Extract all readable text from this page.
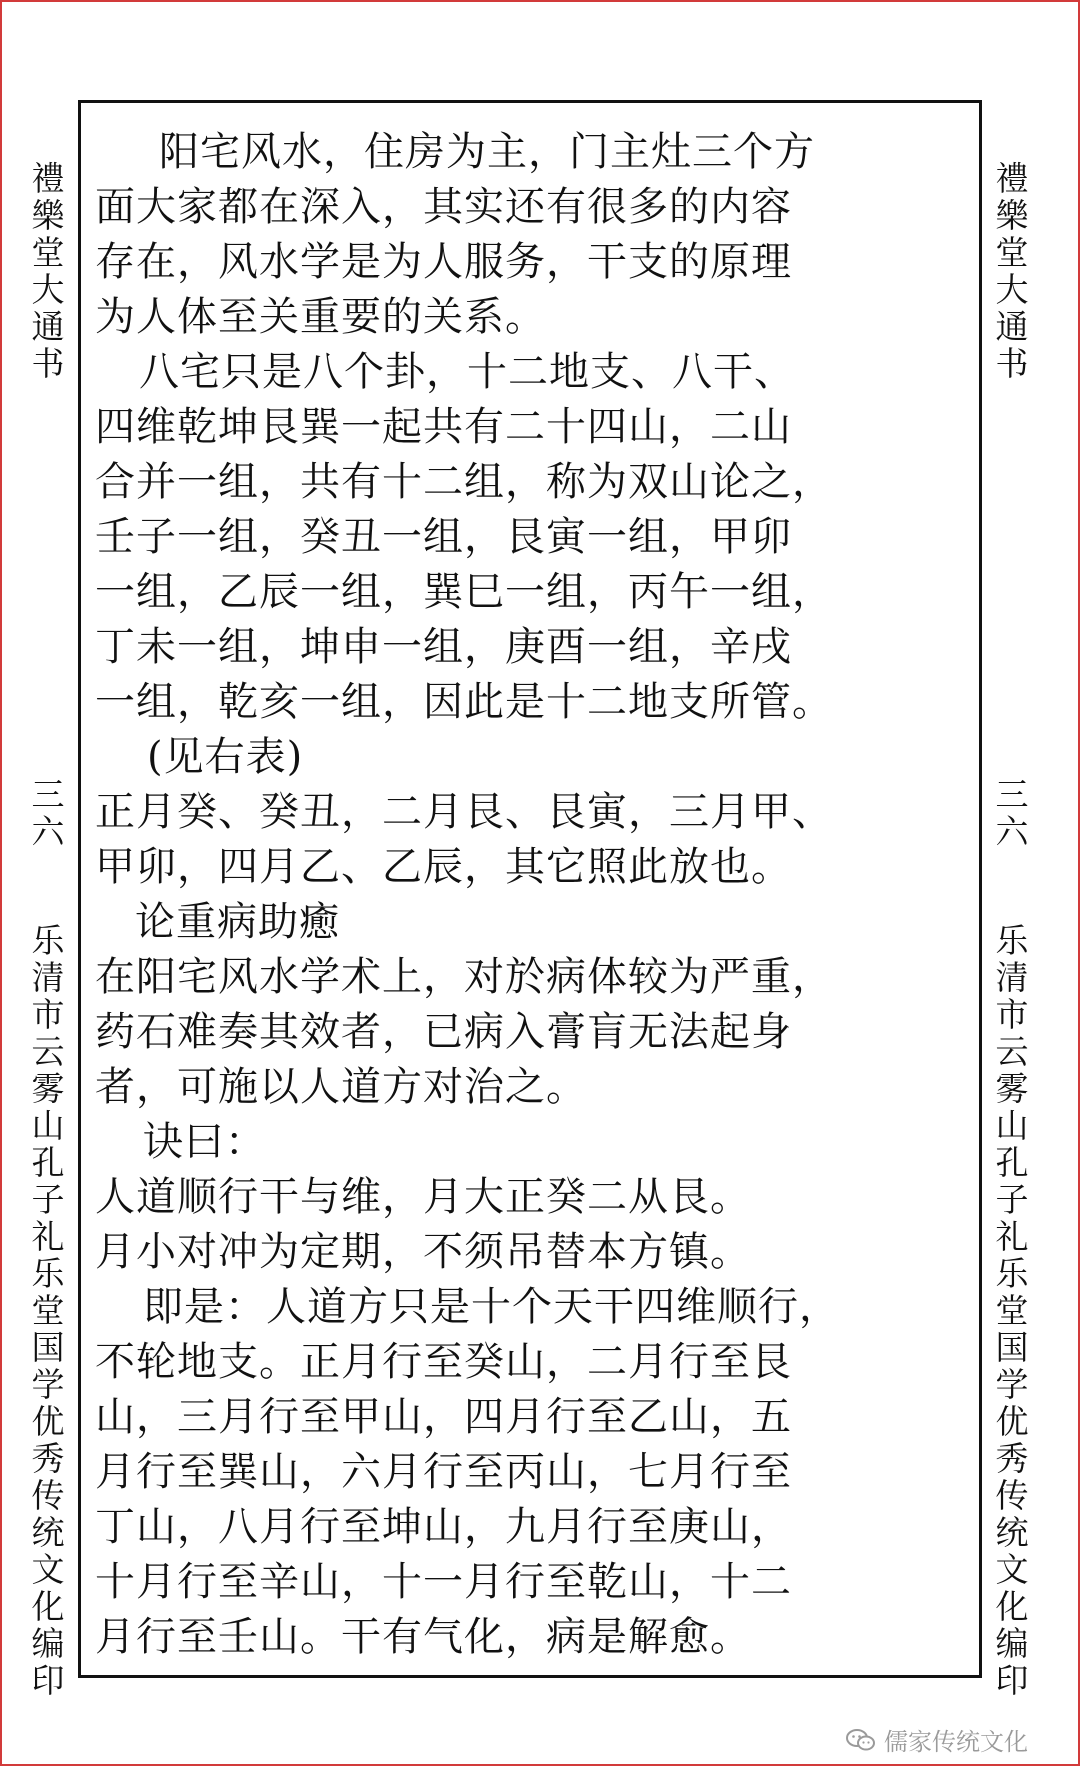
禮
樂
堂
大
通
书
禮
樂
堂
大
通
书
三
六
三
六
乐
清
市
云
雾
山
孔
子
礼
乐
堂
国
学
优
秀
传
统
文
化
编
印
乐
清
市
云
雾
山
孔
子
礼
乐
堂
国
学
优
秀
传
统
文
化
编
印
阳宅风水，住房为主，门主灶三个方
面大家都在深入，其实还有很多的内容
存在，风水学是为人服务，干支的原理
为人体至关重要的关系。
八宅只是八个卦，十二地支、八干、
四维乾坤艮巽一起共有二十四山，二山
合并一组，共有十二组，称为双山论之，
壬子一组，癸丑一组，艮寅一组，甲卯
一组，乙辰一组，巽巳一组，丙午一组，
丁未一组，坤申一组，庚酉一组，辛戌
一组，乾亥一组，因此是十二地支所管。
(见右表)
正月癸、癸丑，二月艮、艮寅，三月甲、
甲卯，四月乙、乙辰，其它照此放也。
论重病助癒
在阳宅风水学术上，对於病体较为严重，
药石难奏其效者，已病入膏肓无法起身
者，可施以人道方对治之。
诀曰：
人道顺行干与维，月大正癸二从艮。
月小对冲为定期，不须吊替本方镇。
即是：人道方只是十个天干四维顺行，
不轮地支。正月行至癸山，二月行至艮
山，三月行至甲山，四月行至乙山，五
月行至巽山，六月行至丙山，七月行至
丁山，八月行至坤山，九月行至庚山，
十月行至辛山，十一月行至乾山，十二
月行至壬山。干有气化，病是解愈。
儒家传统文化
